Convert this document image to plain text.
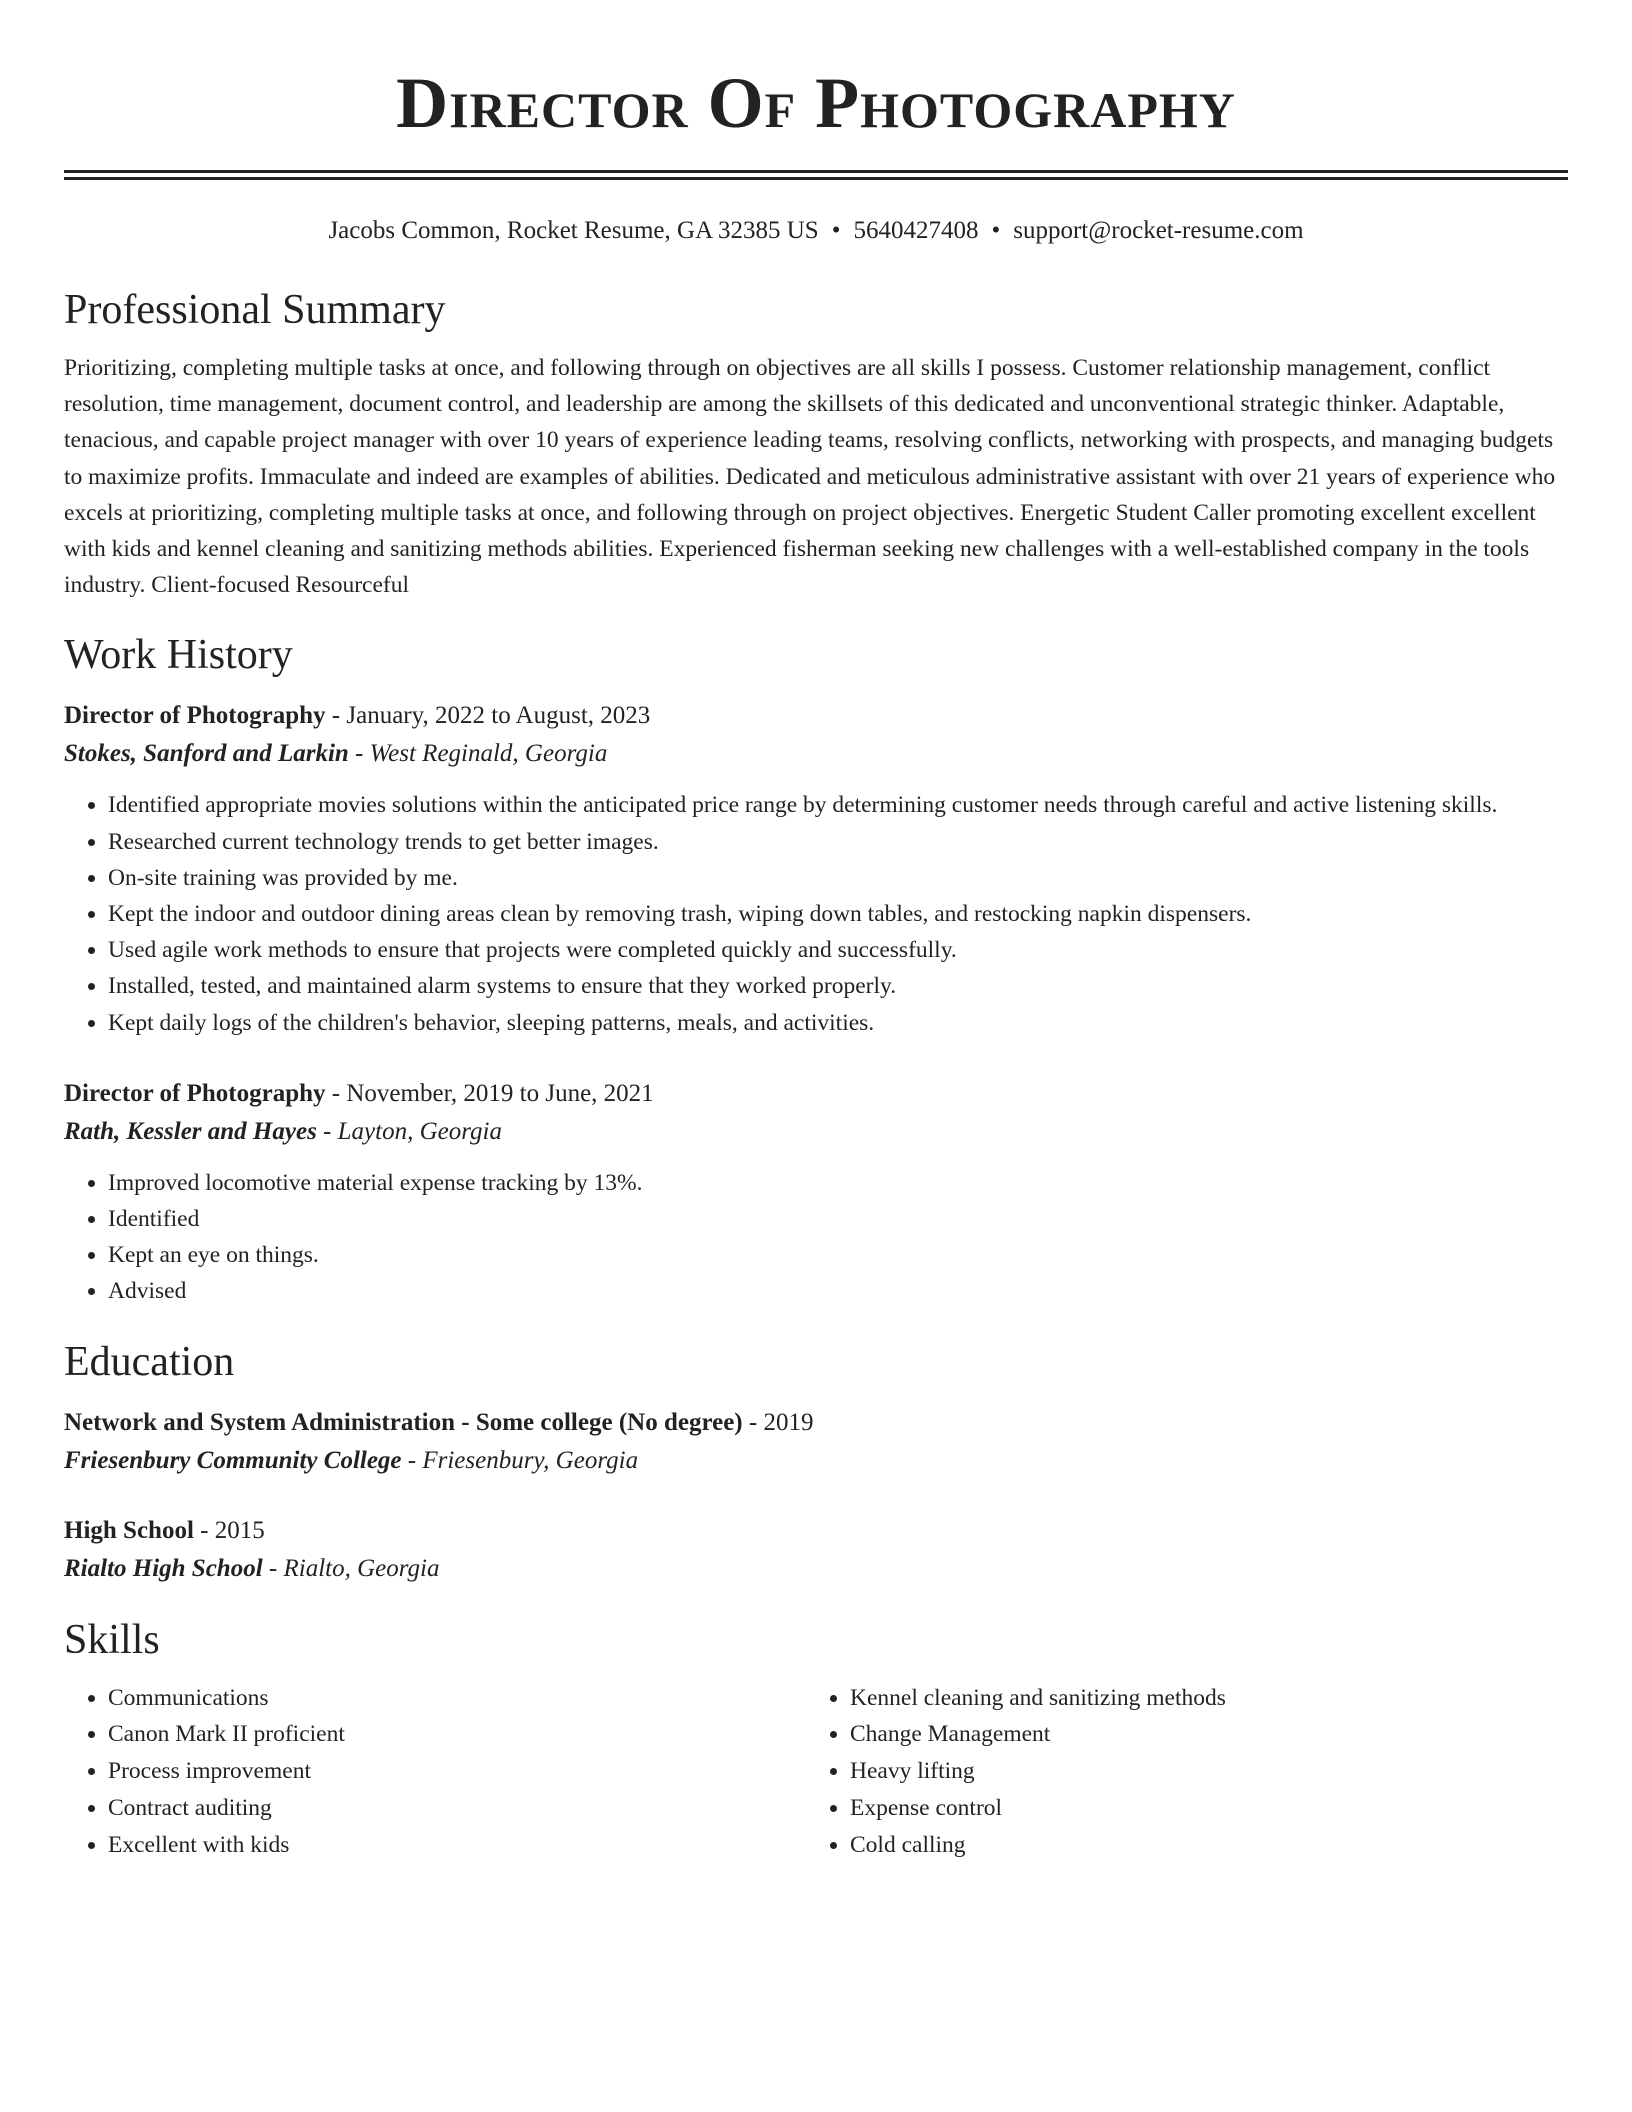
Director Of Photography
Jacobs Common, Rocket Resume, GA 32385 US • 5640427408 • support@rocket-resume.com
Professional Summary
Prioritizing, completing multiple tasks at once, and following through on objectives are all skills I possess. Customer relationship management, conflict resolution, time management, document control, and leadership are among the skillsets of this dedicated and unconventional strategic thinker. Adaptable, tenacious, and capable project manager with over 10 years of experience leading teams, resolving conflicts, networking with prospects, and managing budgets to maximize profits. Immaculate and indeed are examples of abilities. Dedicated and meticulous administrative assistant with over 21 years of experience who excels at prioritizing, completing multiple tasks at once, and following through on project objectives. Energetic Student Caller promoting excellent excellent with kids and kennel cleaning and sanitizing methods abilities. Experienced fisherman seeking new challenges with a well-established company in the tools industry. Client-focused Resourceful
Work History
Director of Photography - January, 2022 to August, 2023
Stokes, Sanford and Larkin - West Reginald, Georgia
• Identified appropriate movies solutions within the anticipated price range by determining customer needs through careful and active listening skills.
• Researched current technology trends to get better images.
• On-site training was provided by me.
• Kept the indoor and outdoor dining areas clean by removing trash, wiping down tables, and restocking napkin dispensers.
• Used agile work methods to ensure that projects were completed quickly and successfully.
• Installed, tested, and maintained alarm systems to ensure that they worked properly.
• Kept daily logs of the children's behavior, sleeping patterns, meals, and activities.
Director of Photography - November, 2019 to June, 2021
Rath, Kessler and Hayes - Layton, Georgia
• Improved locomotive material expense tracking by 13%.
• Identified
• Kept an eye on things.
• Advised
Education
Network and System Administration - Some college (No degree) - 2019
Friesenbury Community College - Friesenbury, Georgia
High School - 2015
Rialto High School - Rialto, Georgia
Skills
• Communications
• Canon Mark II proficient
• Process improvement
• Contract auditing
• Excellent with kids
• Kennel cleaning and sanitizing methods
• Change Management
• Heavy lifting
• Expense control
• Cold calling
